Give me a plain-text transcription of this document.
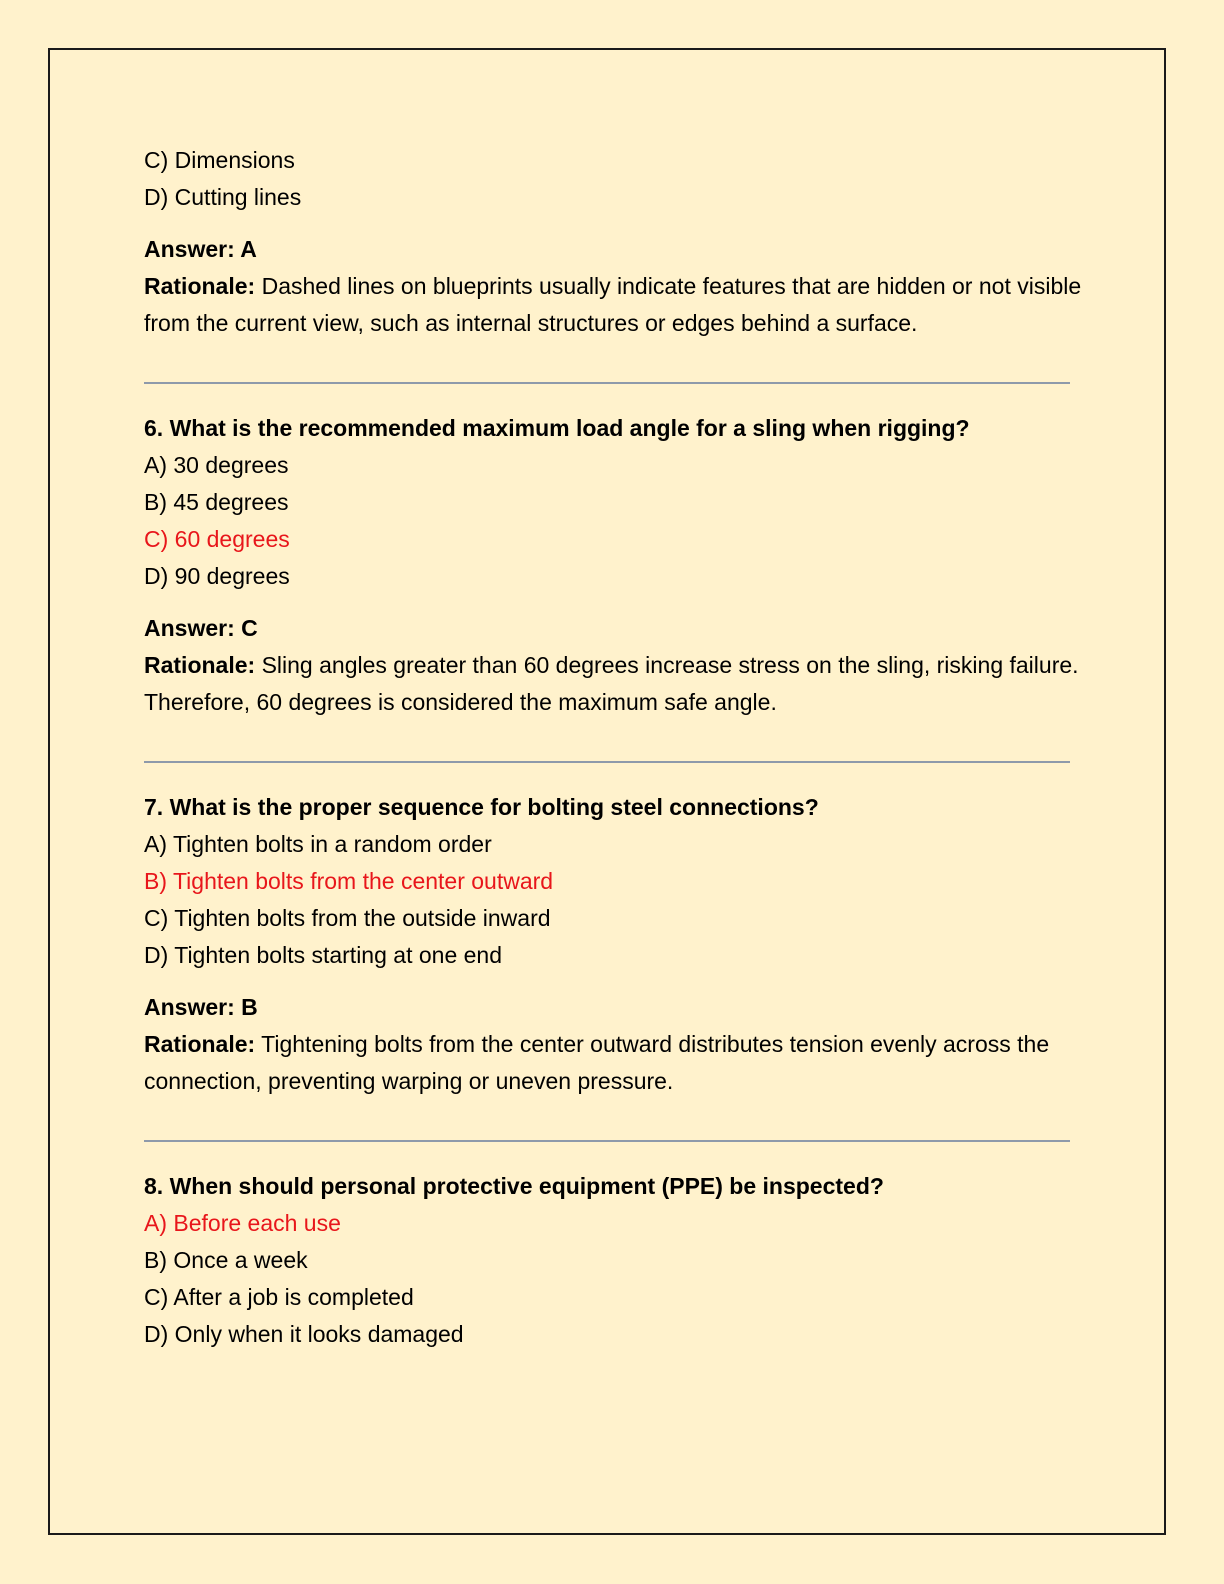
C) Dimensions

D) Cutting lines

Answer: A

Rationale: Dashed lines on blueprints usually indicate features that are hidden or not visible from the current view, such as internal structures or edges behind a surface.

6. What is the recommended maximum load angle for a sling when rigging?

A) 30 degrees

B) 45 degrees

C) 60 degrees

D) 90 degrees

Answer: C

Rationale: Sling angles greater than 60 degrees increase stress on the sling, risking failure. Therefore, 60 degrees is considered the maximum safe angle.

7. What is the proper sequence for bolting steel connections?

A) Tighten bolts in a random order

B) Tighten bolts from the center outward

C) Tighten bolts from the outside inward

D) Tighten bolts starting at one end

Answer: B

Rationale: Tightening bolts from the center outward distributes tension evenly across the connection, preventing warping or uneven pressure.

8. When should personal protective equipment (PPE) be inspected?

A) Before each use

B) Once a week

C) After a job is completed

D) Only when it looks damaged
